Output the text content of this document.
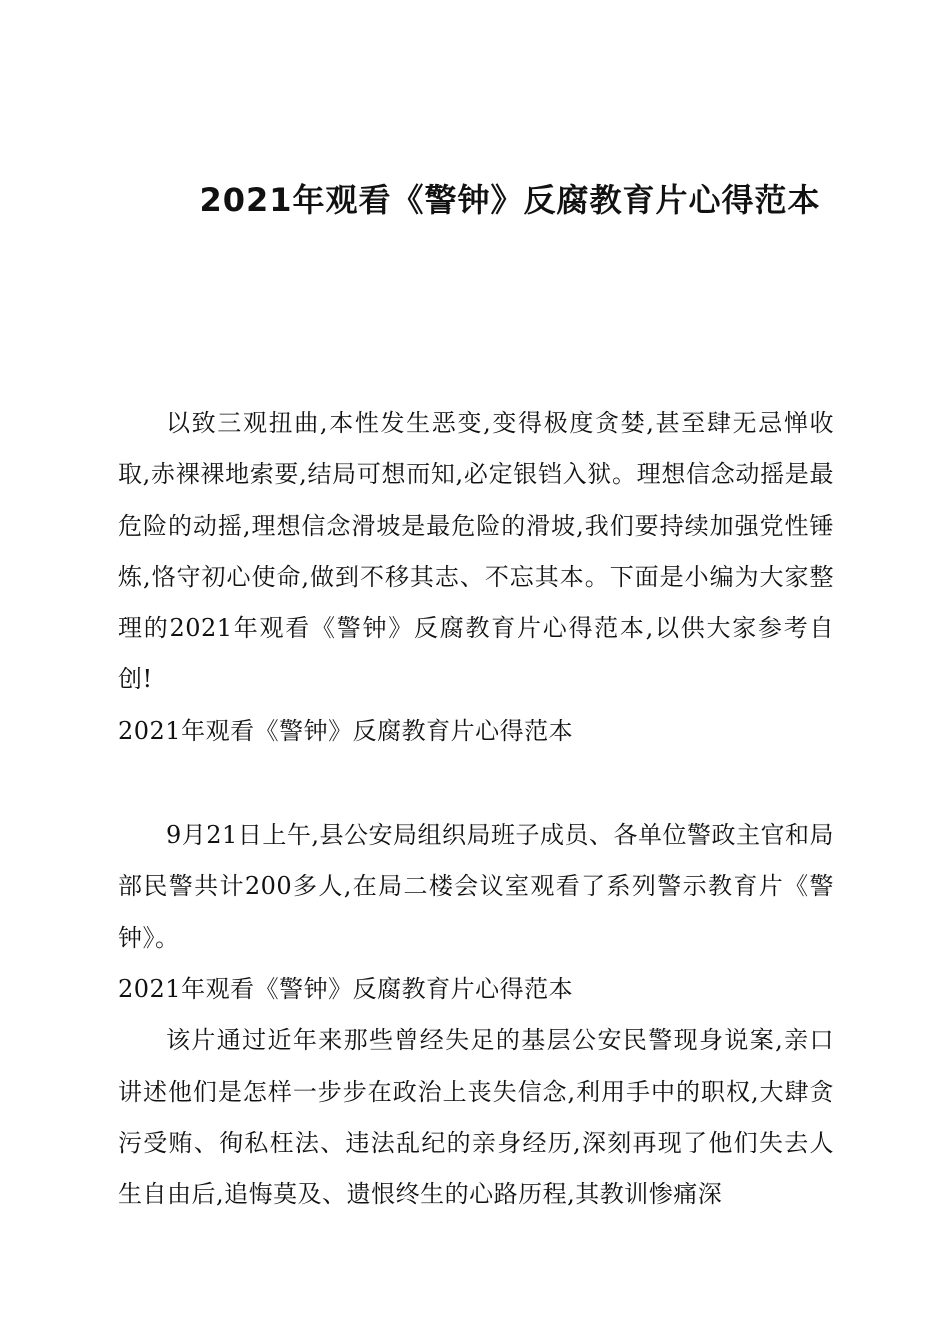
2021年观看《警钟》反腐教育片心得范本

以致三观扭曲,本性发生恶变,变得极度贪婪,甚至肆无忌惮收取,赤裸裸地索要,结局可想而知,必定银铛入狱。理想信念动摇是最危险的动摇,理想信念滑坡是最危险的滑坡,我们要持续加强党性锤炼,恪守初心使命,做到不移其志、不忘其本。下面是小编为大家整理的2021年观看《警钟》反腐教育片心得范本,以供大家参考自创!

2021年观看《警钟》反腐教育片心得范本

9月21日上午,县公安局组织局班子成员、各单位警政主官和局部民警共计200多人,在局二楼会议室观看了系列警示教育片《警钟》。

2021年观看《警钟》反腐教育片心得范本

该片通过近年来那些曾经失足的基层公安民警现身说案,亲口讲述他们是怎样一步步在政治上丧失信念,利用手中的职权,大肆贪污受贿、徇私枉法、违法乱纪的亲身经历,深刻再现了他们失去人生自由后,追悔莫及、遗恨终生的心路历程,其教训惨痛深
